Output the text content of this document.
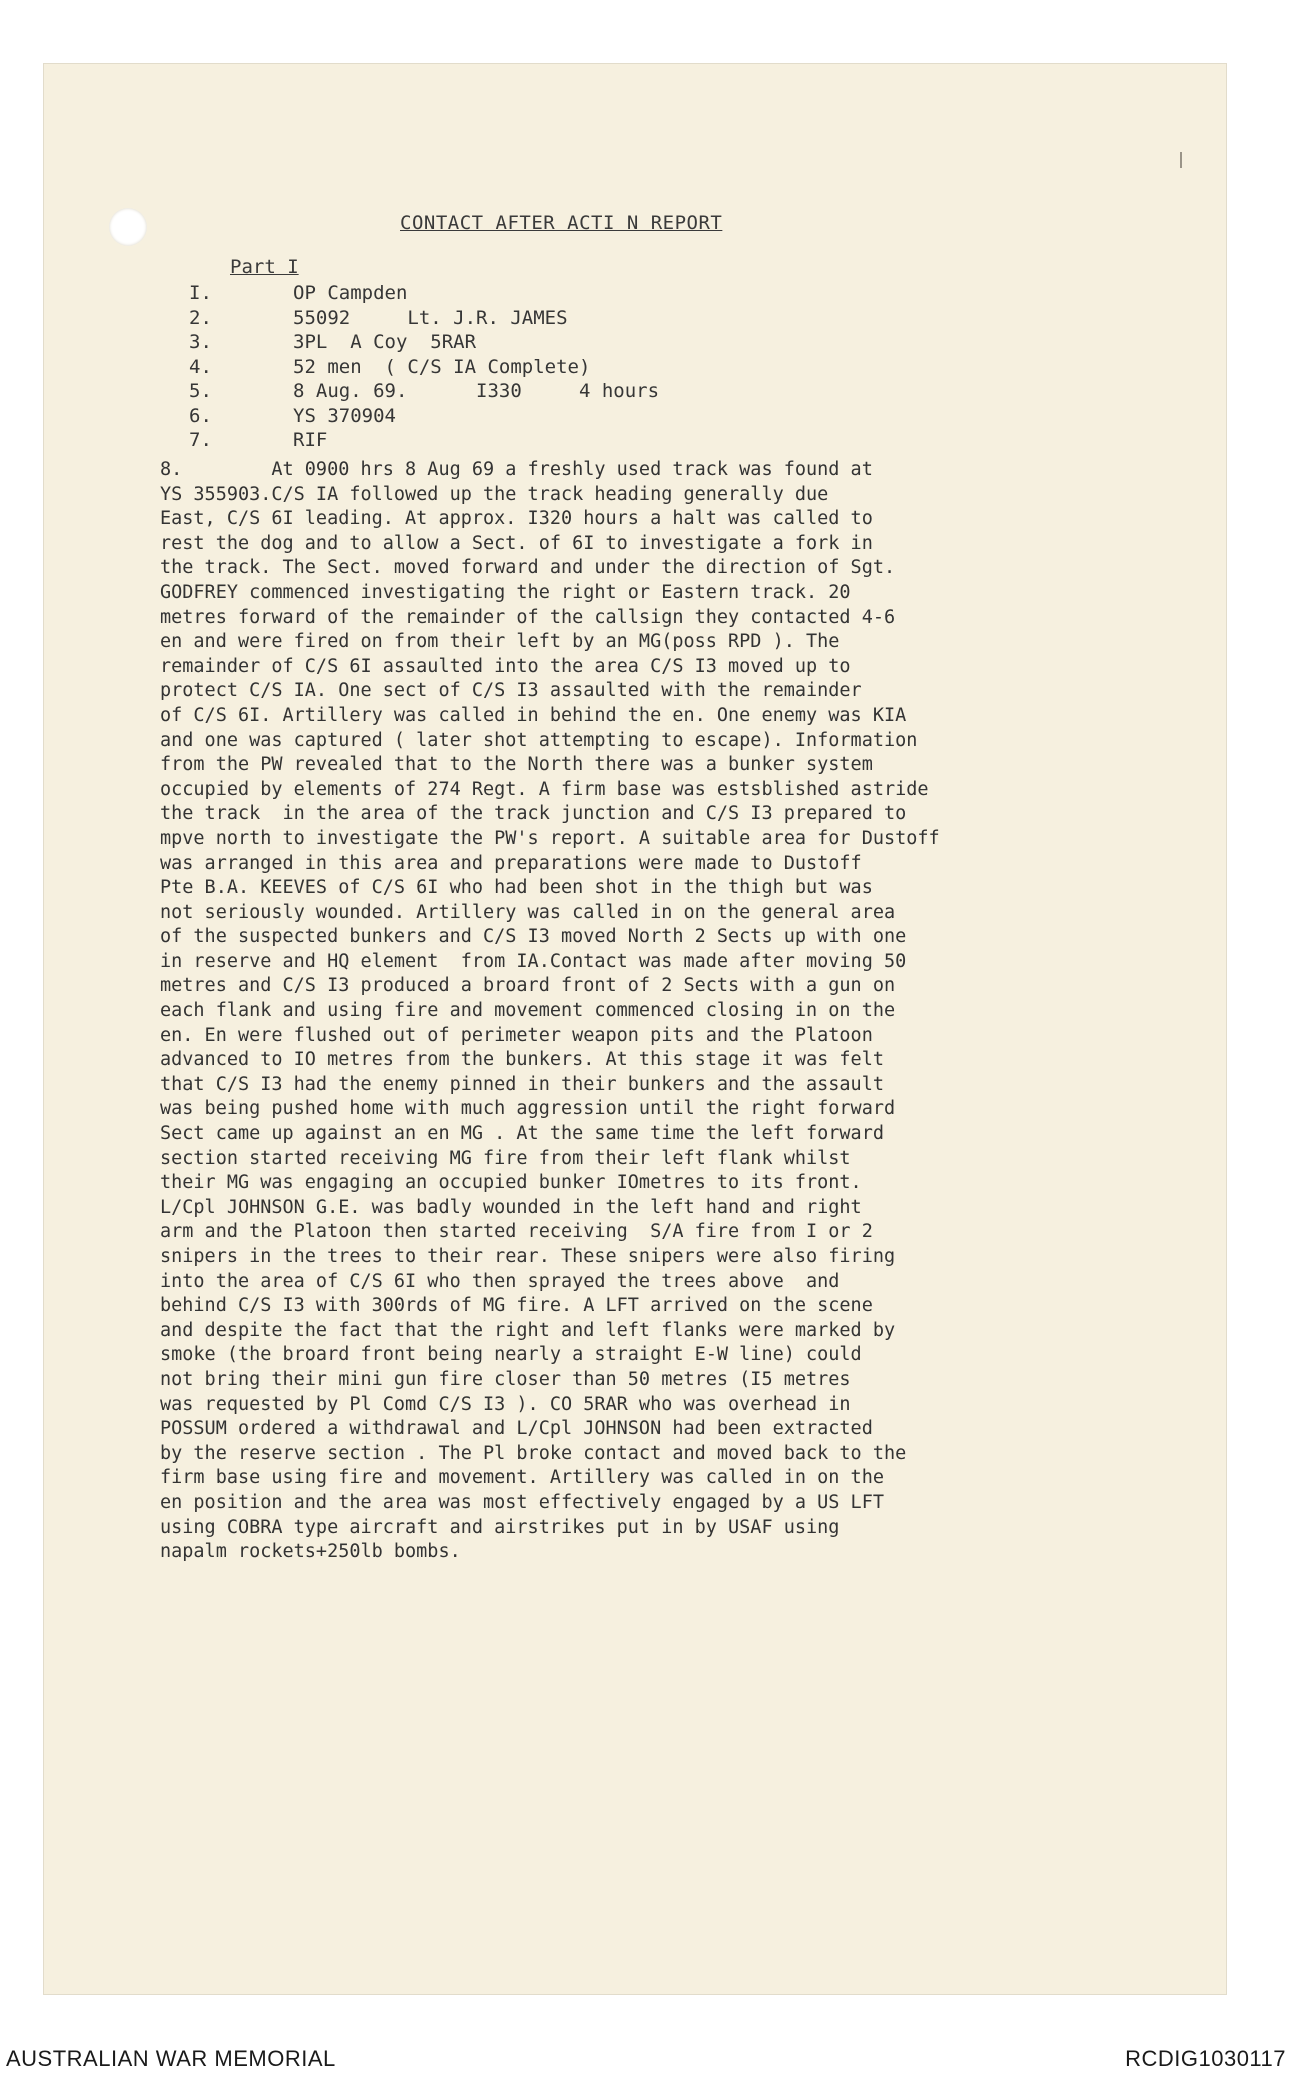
CONTACT AFTER ACTI N REPORT
Part I
I.	OP Campden
2.	55092     Lt. J.R. JAMES
3.	3PL  A Coy  5RAR
4.	52 men  ( C/S IA Complete)
5.	8 Aug. 69.      I330     4 hours
6.	YS 370904
7.	RIF
8.        At 0900 hrs 8 Aug 69 a freshly used track was found at
YS 355903.C/S IA followed up the track heading generally due
East, C/S 6I leading. At approx. I320 hours a halt was called to
rest the dog and to allow a Sect. of 6I to investigate a fork in
the track. The Sect. moved forward and under the direction of Sgt.
GODFREY commenced investigating the right or Eastern track. 20
metres forward of the remainder of the callsign they contacted 4-6
en and were fired on from their left by an MG(poss RPD ). The
remainder of C/S 6I assaulted into the area C/S I3 moved up to
protect C/S IA. One sect of C/S I3 assaulted with the remainder
of C/S 6I. Artillery was called in behind the en. One enemy was KIA
and one was captured ( later shot attempting to escape). Information
from the PW revealed that to the North there was a bunker system
occupied by elements of 274 Regt. A firm base was estsblished astride
the track  in the area of the track junction and C/S I3 prepared to
mpve north to investigate the PW's report. A suitable area for Dustoff
was arranged in this area and preparations were made to Dustoff
Pte B.A. KEEVES of C/S 6I who had been shot in the thigh but was
not seriously wounded. Artillery was called in on the general area
of the suspected bunkers and C/S I3 moved North 2 Sects up with one
in reserve and HQ element  from IA.Contact was made after moving 50
metres and C/S I3 produced a broard front of 2 Sects with a gun on
each flank and using fire and movement commenced closing in on the
en. En were flushed out of perimeter weapon pits and the Platoon
advanced to IO metres from the bunkers. At this stage it was felt
that C/S I3 had the enemy pinned in their bunkers and the assault
was being pushed home with much aggression until the right forward
Sect came up against an en MG . At the same time the left forward
section started receiving MG fire from their left flank whilst
their MG was engaging an occupied bunker IOmetres to its front.
L/Cpl JOHNSON G.E. was badly wounded in the left hand and right
arm and the Platoon then started receiving  S/A fire from I or 2
snipers in the trees to their rear. These snipers were also firing
into the area of C/S 6I who then sprayed the trees above  and
behind C/S I3 with 300rds of MG fire. A LFT arrived on the scene
and despite the fact that the right and left flanks were marked by
smoke (the broard front being nearly a straight E-W line) could
not bring their mini gun fire closer than 50 metres (I5 metres
was requested by Pl Comd C/S I3 ). CO 5RAR who was overhead in
POSSUM ordered a withdrawal and L/Cpl JOHNSON had been extracted
by the reserve section . The Pl broke contact and moved back to the
firm base using fire and movement. Artillery was called in on the
en position and the area was most effectively engaged by a US LFT
using COBRA type aircraft and airstrikes put in by USAF using
napalm rockets+250lb bombs.
AUSTRALIAN WAR MEMORIAL	RCDIG1030117
